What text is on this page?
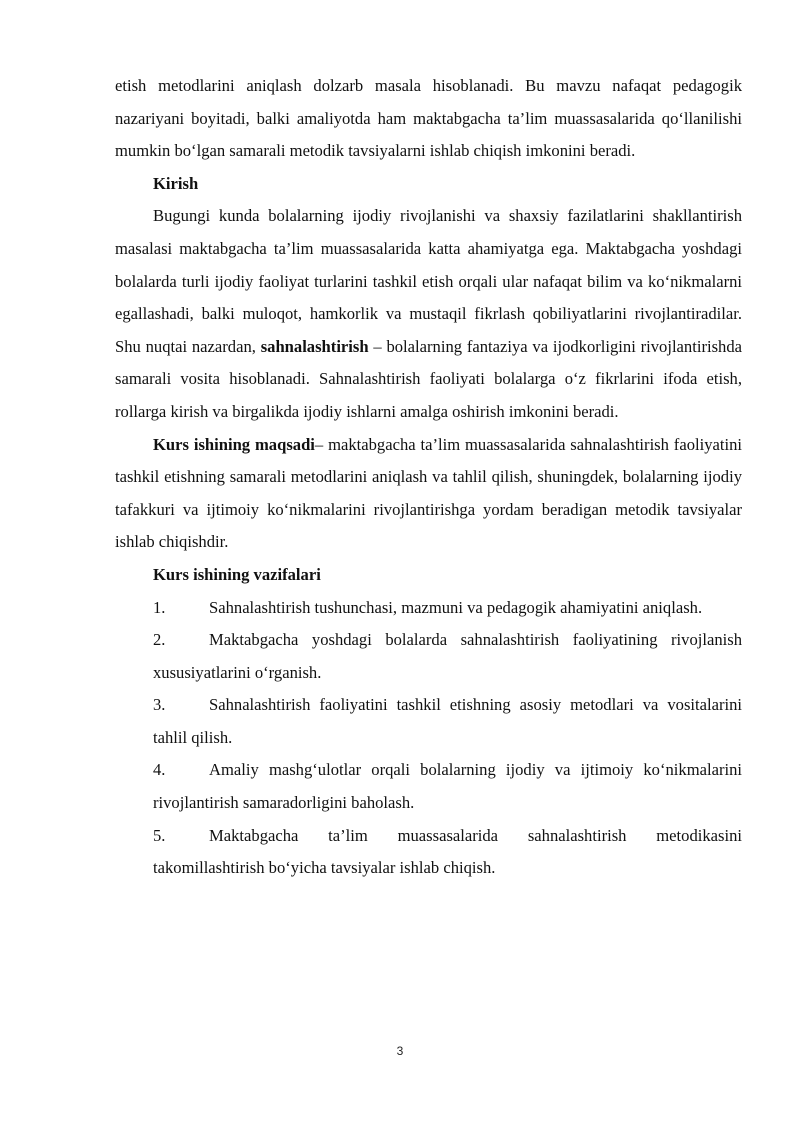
etish metodlarini aniqlash dolzarb masala hisoblanadi. Bu mavzu nafaqat pedagogik nazariyani boyitadi, balki amaliyotda ham maktabgacha ta’lim muassasalarida qo‘llanilishi mumkin bo‘lgan samarali metodik tavsiyalarni ishlab chiqish imkonini beradi.

Kirish

Bugungi kunda bolalarning ijodiy rivojlanishi va shaxsiy fazilatlarini shakllantirish masalasi maktabgacha ta’lim muassasalarida katta ahamiyatga ega. Maktabgacha yoshdagi bolalarda turli ijodiy faoliyat turlarini tashkil etish orqali ular nafaqat bilim va ko‘nikmalarni egallashadi, balki muloqot, hamkorlik va mustaqil fikrlash qobiliyatlarini rivojlantiradilar. Shu nuqtai nazardan, sahnalashtirish – bolalarning fantaziya va ijodkorligini rivojlantirishda samarali vosita hisoblanadi. Sahnalashtirish faoliyati bolalarga o‘z fikrlarini ifoda etish, rollarga kirish va birgalikda ijodiy ishlarni amalga oshirish imkonini beradi.

Kurs ishining maqsadi– maktabgacha ta’lim muassasalarida sahnalashtirish faoliyatini tashkil etishning samarali metodlarini aniqlash va tahlil qilish, shuningdek, bolalarning ijodiy tafakkuri va ijtimoiy ko‘nikmalarini rivojlantirishga yordam beradigan metodik tavsiyalar ishlab chiqishdir.

Kurs ishining vazifalari

1.	Sahnalashtirish tushunchasi, mazmuni va pedagogik ahamiyatini aniqlash.

2.	Maktabgacha yoshdagi bolalarda sahnalashtirish faoliyatining rivojlanish xususiyatlarini o‘rganish.

3.	Sahnalashtirish faoliyatini tashkil etishning asosiy metodlari va vositalarini tahlil qilish.

4.	Amaliy mashg‘ulotlar orqali bolalarning ijodiy va ijtimoiy ko‘nikmalarini rivojlantirish samaradorligini baholash.

5.	Maktabgacha ta’lim muassasalarida sahnalashtirish metodikasini takomillashtirish bo‘yicha tavsiyalar ishlab chiqish.

3
